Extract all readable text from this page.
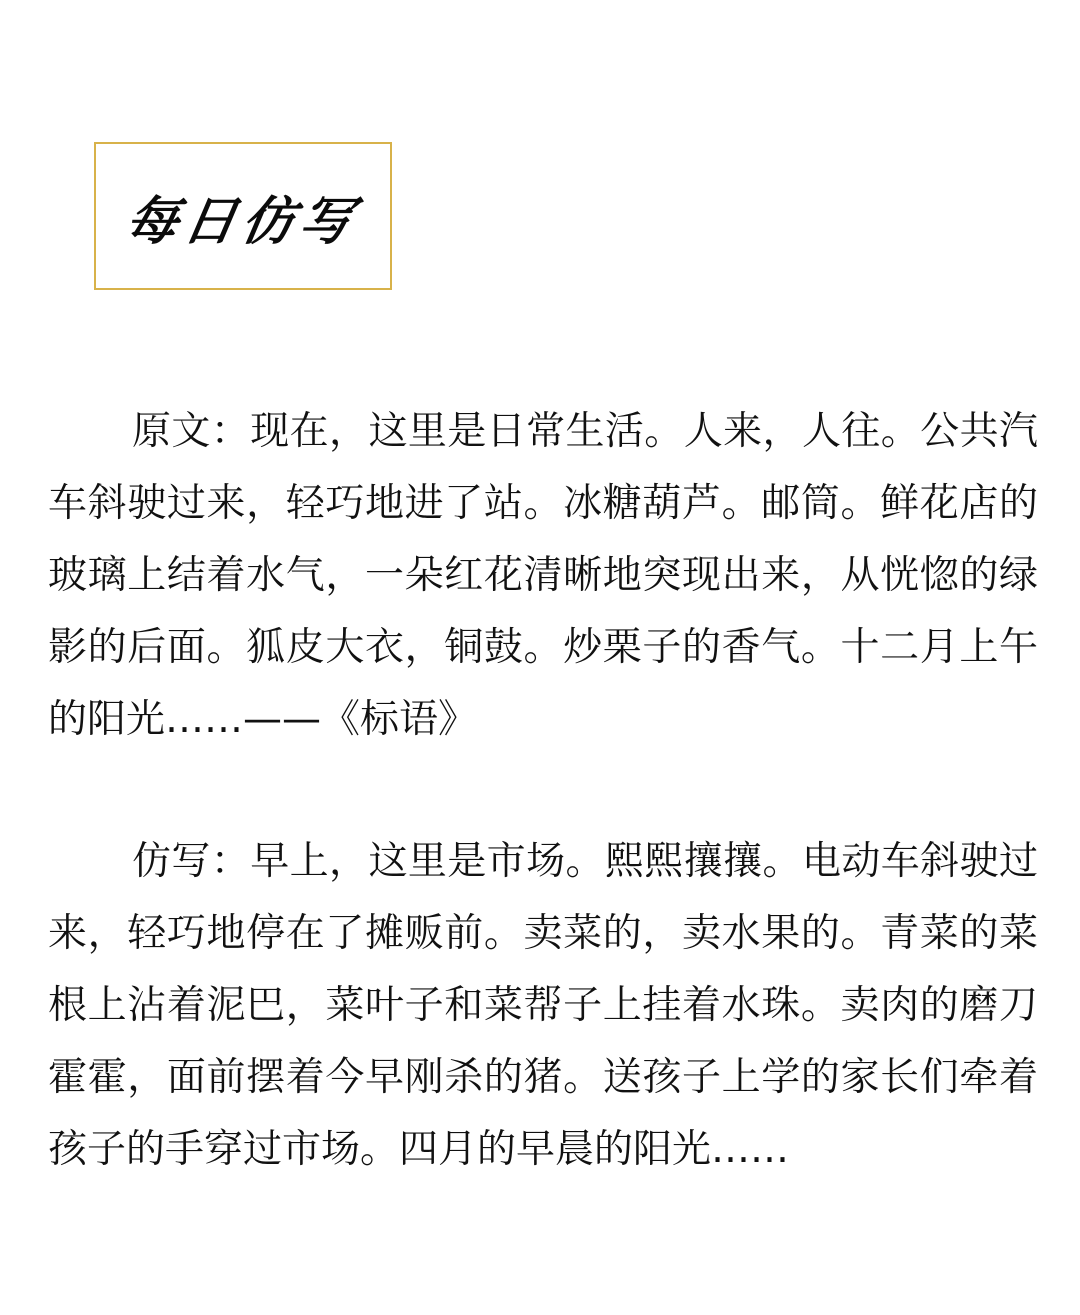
每日仿写

原文：现在，这里是日常生活。人来，人往。公共汽车斜驶过来，轻巧地进了站。冰糖葫芦。邮筒。鲜花店的玻璃上结着水气，一朵红花清晰地突现出来，从恍惚的绿影的后面。狐皮大衣，铜鼓。炒栗子的香气。十二月上午的阳光……——《标语》

仿写：早上，这里是市场。熙熙攘攘。电动车斜驶过来，轻巧地停在了摊贩前。卖菜的，卖水果的。青菜的菜根上沾着泥巴，菜叶子和菜帮子上挂着水珠。卖肉的磨刀霍霍，面前摆着今早刚杀的猪。送孩子上学的家长们牵着孩子的手穿过市场。四月的早晨的阳光……
